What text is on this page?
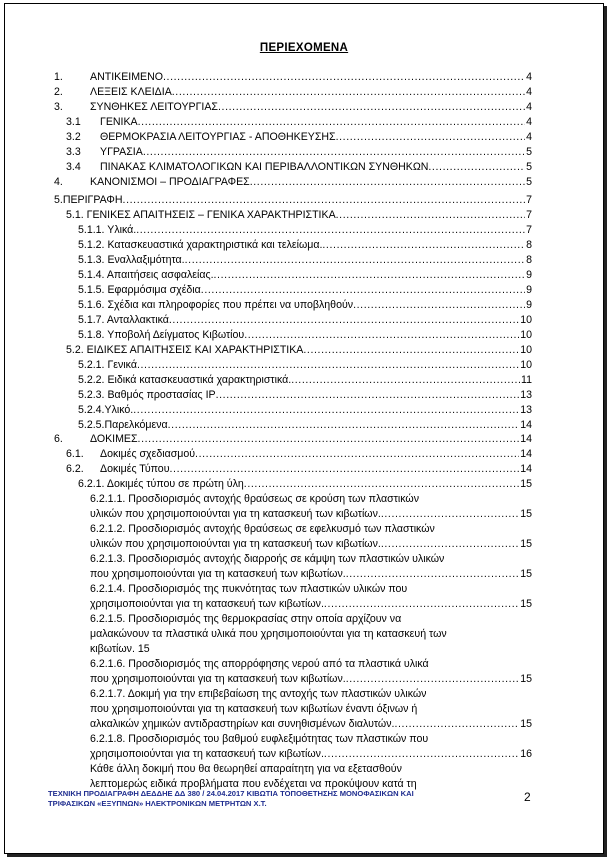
ΠΕΡΙΕΧΟΜΕΝΑ
1.	ΑΝΤΙΚΕΙΜΕΝΟ .....	4
2.	ΛΕΞΕΙΣ ΚΛΕΙΔΙΑ .....	4
3.	ΣΥΝΘΗΚΕΣ ΛΕΙΤΟΥΡΓΙΑΣ .....	4
3.1 ΓΕΝΙΚΑ .....	4
3.2 ΘΕΡΜΟΚΡΑΣΙΑ ΛΕΙΤΟΥΡΓΙΑΣ - ΑΠΟΘΗΚΕΥΣΗΣ .....	4
3.3 ΥΓΡΑΣΙΑ .....	5
3.4 ΠΙΝΑΚΑΣ ΚΛΙΜΑΤΟΛΟΓΙΚΩΝ ΚΑΙ ΠΕΡΙΒΑΛΛΟΝΤΙΚΩΝ ΣΥΝΘΗΚΩΝ .....	5
4.	ΚΑΝΟΝΙΣΜΟΙ – ΠΡΟΔΙΑΓΡΑΦΕΣ .....	5
5.ΠΕΡΙΓΡΑΦΗ .....	7
5.1. ΓΕΝΙΚΕΣ ΑΠΑΙΤΗΣΕΙΣ – ΓΕΝΙΚΑ ΧΑΡΑΚΤΗΡΙΣΤΙΚΑ .....	7
5.1.1. Υλικά. .....	7
5.1.2. Κατασκευαστικά χαρακτηριστικά και τελείωμα. .....	8
5.1.3. Εναλλαξιμότητα. .....	8
5.1.4. Απαιτήσεις ασφαλείας. .....	9
5.1.5. Εφαρμόσιμα σχέδια .....	9
5.1.6. Σχέδια και πληροφορίες που πρέπει να υποβληθούν .....	9
5.1.7. Ανταλλακτικά .....	10
5.1.8. Υποβολή Δείγματος Κιβωτίου .....	10
5.2. ΕΙΔΙΚΕΣ ΑΠΑΙΤΗΣΕΙΣ ΚΑΙ ΧΑΡΑΚΤΗΡΙΣΤΙΚΑ .....	10
5.2.1. Γενικά .....	10
5.2.2. Ειδικά κατασκευαστικά χαρακτηριστικά. .....	11
5.2.3. Βαθμός προστασίας IP .....	13
5.2.4.Υλικό. .....	13
5.2.5.Παρελκόμενα .....	14
6.	ΔΟΚΙΜΕΣ .....	14
6.1. Δοκιμές σχεδιασμού .....	14
6.2. Δοκιμές Τύπου .....	14
6.2.1. Δοκιμές τύπου σε πρώτη ύλη .....	15
6.2.1.1. Προσδιορισμός αντοχής θραύσεως σε κρούση των πλαστικών
υλικών που χρησιμοποιούνται για τη κατασκευή των κιβωτίων. .....	15
6.2.1.2. Προσδιορισμός αντοχής θραύσεως σε εφελκυσμό των πλαστικών
υλικών που χρησιμοποιούνται για τη κατασκευή των κιβωτίων. .....	15
6.2.1.3. Προσδιορισμός αντοχής διαρροής σε κάμψη των πλαστικών υλικών
που χρησιμοποιούνται για τη κατασκευή των κιβωτίων. .....	15
6.2.1.4. Προσδιορισμός της πυκνότητας των πλαστικών υλικών που
χρησιμοποιούνται για τη κατασκευή των κιβωτίων. .....	15
6.2.1.5. Προσδιορισμός της θερμοκρασίας στην οποία αρχίζουν να
μαλακώνουν τα πλαστικά υλικά που χρησιμοποιούνται για τη κατασκευή των
κιβωτίων. 15
6.2.1.6. Προσδιορισμός της απορρόφησης νερού από τα πλαστικά υλικά
που χρησιμοποιούνται για τη κατασκευή των κιβωτίων. .....	15
6.2.1.7. Δοκιμή για την επιβεβαίωση της αντοχής των πλαστικών υλικών
που χρησιμοποιούνται για τη κατασκευή των κιβωτίων έναντι όξινων ή
αλκαλικών χημικών αντιδραστηρίων και συνηθισμένων διαλυτών. .....	15
6.2.1.8. Προσδιορισμός του βαθμού ευφλεξιμότητας των πλαστικών που
χρησιμοποιούνται για τη κατασκευή των κιβωτίων. .....	16
Κάθε άλλη δοκιμή που θα θεωρηθεί απαραίτητη για να εξετασθούν
λεπτομερώς ειδικά προβλήματα που ενδέχεται να προκύψουν κατά τη
ΤΕΧΝΙΚΗ ΠΡΟΔΙΑΓΡΑΦΗ ΔΕΔΔΗΕ ΔΔ 380 / 24.04.2017 ΚΙΒΩΤΙΑ ΤΟΠΟΘΕΤΗΣΗΣ ΜΟΝΟΦΑΣΙΚΩΝ ΚΑΙ
ΤΡΙΦΑΣΙΚΩΝ «ΕΞΥΠΝΩΝ» ΗΛΕΚΤΡΟΝΙΚΩΝ ΜΕΤΡΗΤΩΝ Χ.Τ.	2
